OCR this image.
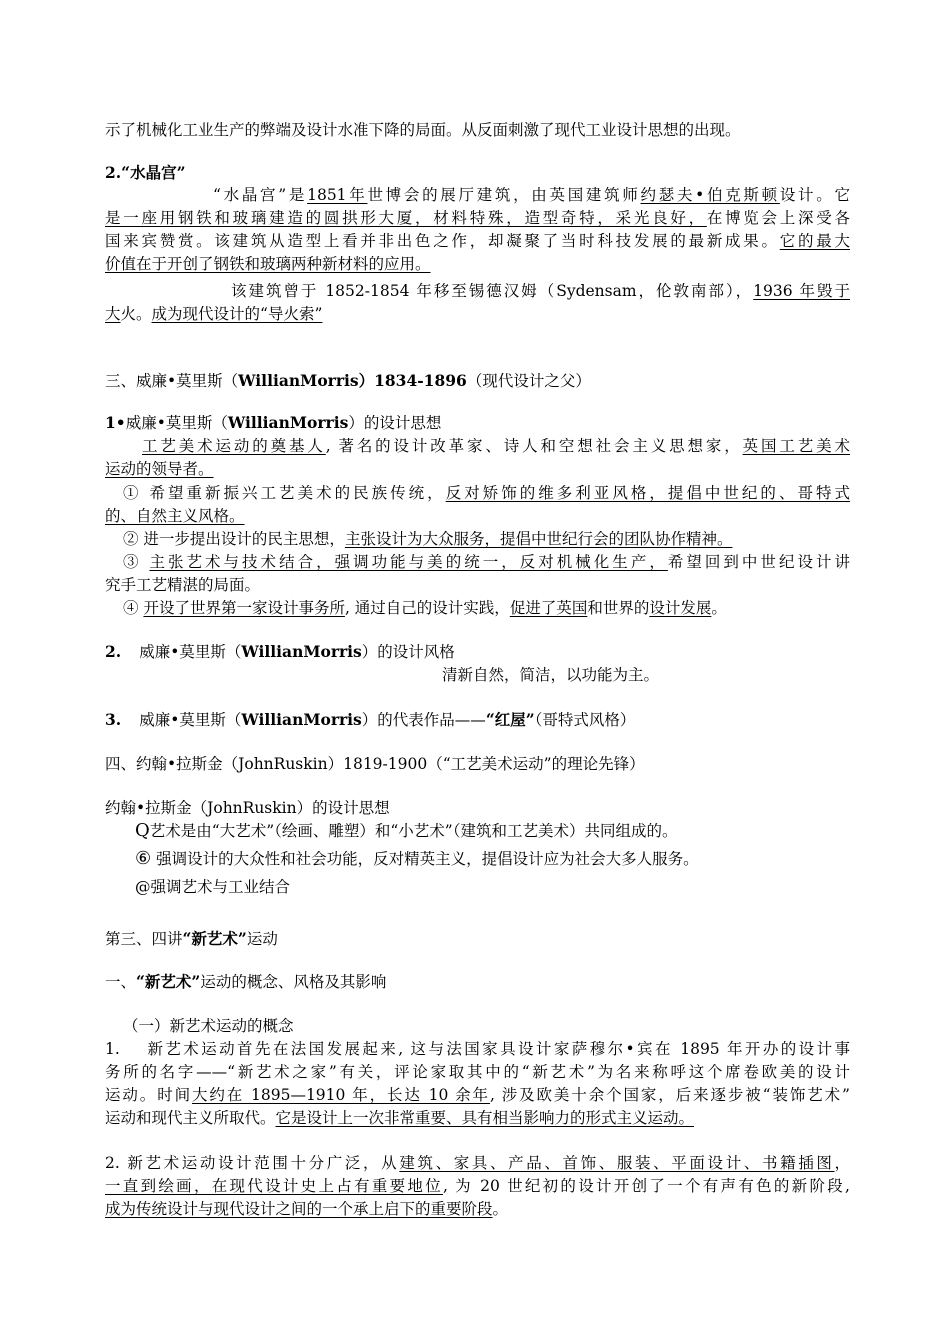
示了机械化工业生产的弊端及设计水准下降的局面。从反面刺激了现代工业设计思想的出现。
2.“水晶宫”
“水晶宫”是1851年世博会的展厅建筑，由英国建筑师约瑟夫•伯克斯顿设计。它
是一座用钢铁和玻璃建造的圆拱形大厦，材料特殊，造型奇特，采光良好，在博览会上深受各
国来宾赞赏。该建筑从造型上看并非出色之作，却凝聚了当时科技发展的最新成果。它的最大
价值在于开创了钢铁和玻璃两种新材料的应用。
该建筑曾于 1852-1854 年移至锡德汉姆（Sydensam，伦敦南部），1936 年毁于
大火。成为现代设计的“导火索”
三、威廉•莫里斯（WillianMorris）1834-1896（现代设计之父）
1•威廉•莫里斯（WillianMorris）的设计思想
工艺美术运动的奠基人, 著名的设计改革家、诗人和空想社会主义思想家，英国工艺美术
运动的领导者。
① 希望重新振兴工艺美术的民族传统，反对矫饰的维多利亚风格，提倡中世纪的、哥特式
的、自然主义风格。
② 进一步提出设计的民主思想，主张设计为大众服务，提倡中世纪行会的团队协作精神。
③ 主张艺术与技术结合，强调功能与美的统一，反对机械化生产，希望回到中世纪设计讲
究手工艺精湛的局面。
④ 开设了世界第一家设计事务所, 通过自己的设计实践，促进了英国和世界的设计发展。
2. 威廉•莫里斯（WillianMorris）的设计风格
清新自然，简洁，以功能为主。
3. 威廉•莫里斯（WillianMorris）的代表作品——“红屋”（哥特式风格）
四、约翰•拉斯金（JohnRuskin）1819-1900（“工艺美术运动”的理论先锋）
约翰•拉斯金（JohnRuskin）的设计思想
Q艺术是由“大艺术”（绘画、雕塑）和“小艺术”（建筑和工艺美术）共同组成的。
⑥ 强调设计的大众性和社会功能，反对精英主义，提倡设计应为社会大多人服务。
@强调艺术与工业结合
第三、四讲“新艺术”运动
一、“新艺术”运动的概念、风格及其影响
（一）新艺术运动的概念
1.　 新艺术运动首先在法国发展起来, 这与法国家具设计家萨穆尔•宾在 1895 年开办的设计事
务所的名字——“新艺术之家”有关，评论家取其中的“新艺术”为名来称呼这个席卷欧美的设计
运动。时间大约在 1895—1910 年，长达 10 余年, 涉及欧美十余个国家，后来逐步被“装饰艺术”
运动和现代主义所取代。它是设计上一次非常重要、具有相当影响力的形式主义运动。
2. 新艺术运动设计范围十分广泛，从建筑、家具、产品、首饰、服装、平面设计、书籍插图，
一直到绘画，在现代设计史上占有重要地位, 为 20 世纪初的设计开创了一个有声有色的新阶段,
成为传统设计与现代设计之间的一个承上启下的重要阶段。
